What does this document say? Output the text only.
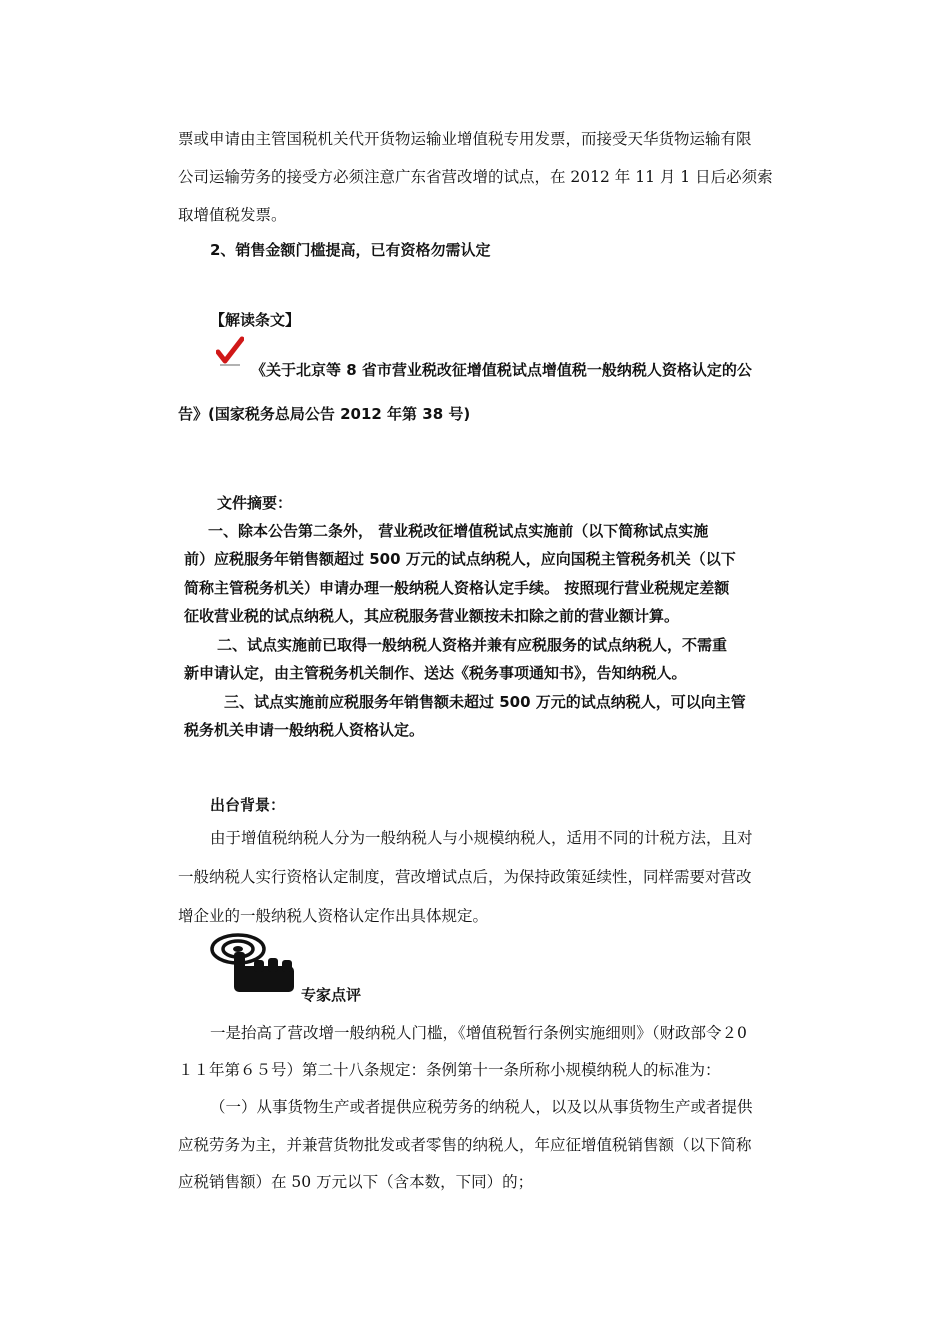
票或申请由主管国税机关代开货物运输业增值税专用发票，而接受天华货物运输有限
公司运输劳务的接受方必须注意广东省营改增的试点，在 2012 年 11 月 1 日后必须索
取增值税发票。
2、销售金额门槛提高，已有资格勿需认定
【解读条文】
《关于北京等 8 省市营业税改征增值税试点增值税一般纳税人资格认定的公
告》(国家税务总局公告 2012 年第 38 号)
文件摘要：
一、除本公告第二条外， 营业税改征增值税试点实施前（以下简称试点实施
前）应税服务年销售额超过 500 万元的试点纳税人，应向国税主管税务机关（以下
简称主管税务机关）申请办理一般纳税人资格认定手续。 按照现行营业税规定差额
征收营业税的试点纳税人，其应税服务营业额按未扣除之前的营业额计算。
二、试点实施前已取得一般纳税人资格并兼有应税服务的试点纳税人，不需重
新申请认定，由主管税务机关制作、送达《税务事项通知书》，告知纳税人。
三、试点实施前应税服务年销售额未超过 500 万元的试点纳税人，可以向主管
税务机关申请一般纳税人资格认定。
出台背景：
由于增值税纳税人分为一般纳税人与小规模纳税人，适用不同的计税方法，且对
一般纳税人实行资格认定制度，营改增试点后，为保持政策延续性，同样需要对营改
增企业的一般纳税人资格认定作出具体规定。
专家点评
一是抬高了营改增一般纳税人门槛，《增值税暂行条例实施细则》（财政部令２0
１１年第６５号）第二十八条规定：条例第十一条所称小规模纳税人的标准为：
（一）从事货物生产或者提供应税劳务的纳税人，以及以从事货物生产或者提供
应税劳务为主，并兼营货物批发或者零售的纳税人，年应征增值税销售额（以下简称
应税销售额）在 50 万元以下（含本数，下同）的；
